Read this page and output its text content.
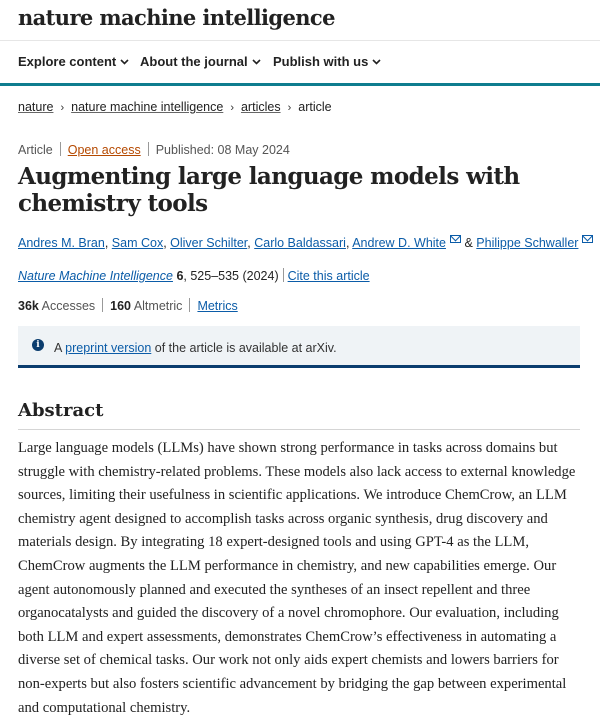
nature machine intelligence
Explore content	About the journal	Publish with us
nature › nature machine intelligence › articles › article
Article Open access Published: 08 May 2024
Augmenting large language models with chemistry tools
Andres M. Bran, Sam Cox, Oliver Schilter, Carlo Baldassari, Andrew D. White & Philippe Schwaller
Nature Machine Intelligence 6, 525–535 (2024) Cite this article
36k Accesses 160 Altmetric Metrics
i	A preprint version of the article is available at arXiv.
Abstract

Large language models (LLMs) have shown strong performance in tasks across domains but struggle with chemistry-related problems. These models also lack access to external knowledge sources, limiting their usefulness in scientific applications. We introduce ChemCrow, an LLM chemistry agent designed to accomplish tasks across organic synthesis, drug discovery and materials design. By integrating 18 expert-designed tools and using GPT-4 as the LLM, ChemCrow augments the LLM performance in chemistry, and new capabilities emerge. Our agent autonomously planned and executed the syntheses of an insect repellent and three organocatalysts and guided the discovery of a novel chromophore. Our evaluation, including both LLM and expert assessments, demonstrates ChemCrow’s effectiveness in automating a diverse set of chemical tasks. Our work not only aids expert chemists and lowers barriers for non-experts but also fosters scientific advancement by bridging the gap between experimental and computational chemistry.
